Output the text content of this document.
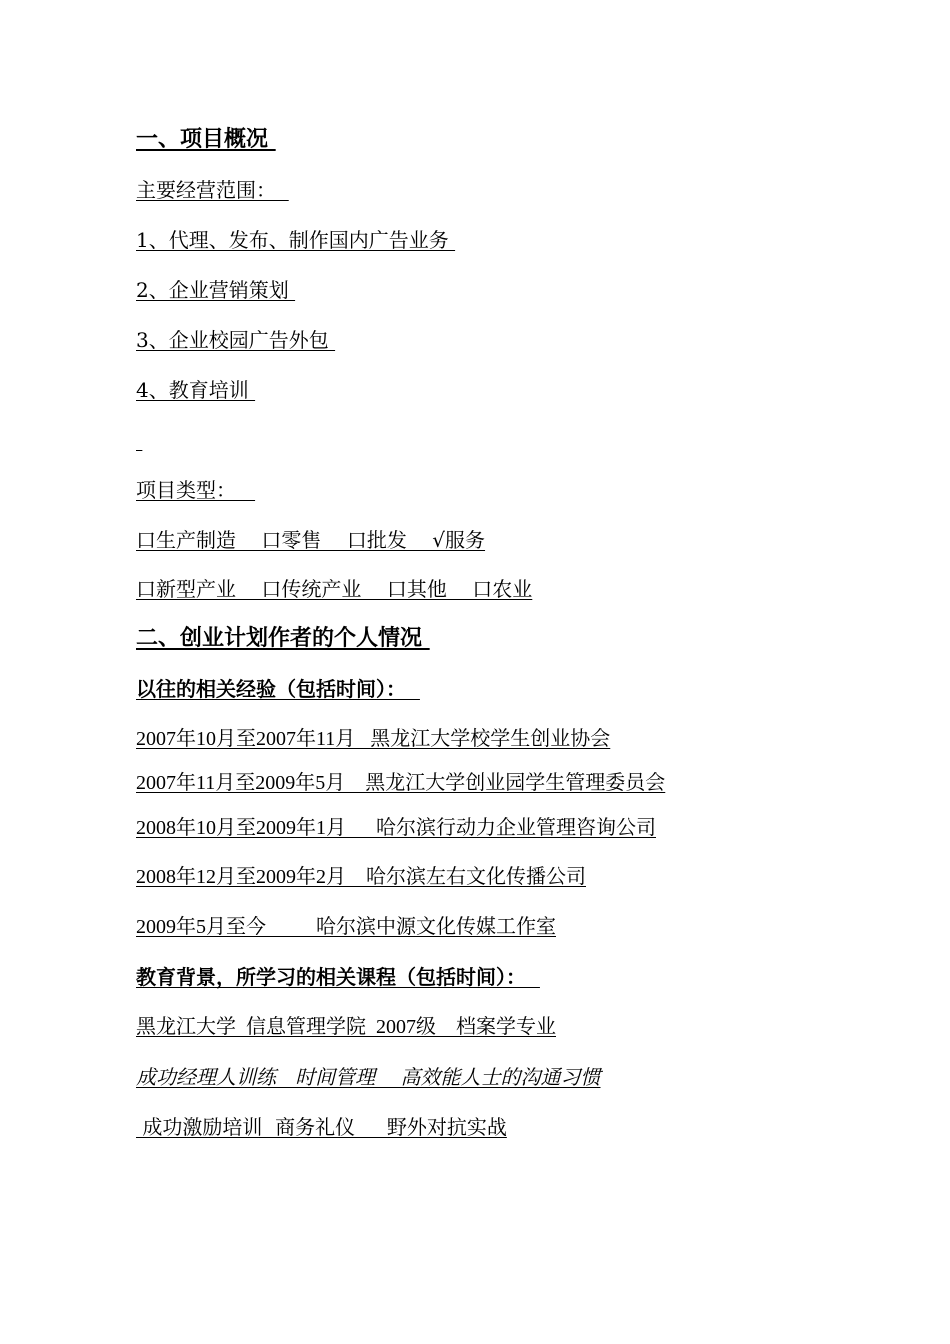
一、项目概况
主要经营范围：
1、代理、发布、制作国内广告业务
2、企业营销策划
3、企业校园广告外包
4、教育培训

项目类型：
口生产制造    口零售    口批发    √服务
口新型产业    口传统产业    口其他    口农业
二、创业计划作者的个人情况
以往的相关经验（包括时间）：
2007年10月至2007年11月   黑龙江大学校学生创业协会
2007年11月至2009年5月    黑龙江大学创业园学生管理委员会
2008年10月至2009年1月      哈尔滨行动力企业管理咨询公司
2008年12月至2009年2月    哈尔滨左右文化传播公司
2009年5月至今          哈尔滨中源文化传媒工作室
教育背景，所学习的相关课程（包括时间）：
黑龙江大学  信息管理学院  2007级    档案学专业
成功经理人训练   时间管理    高效能人士的沟通习惯
成功激励培训  商务礼仪     野外对抗实战
